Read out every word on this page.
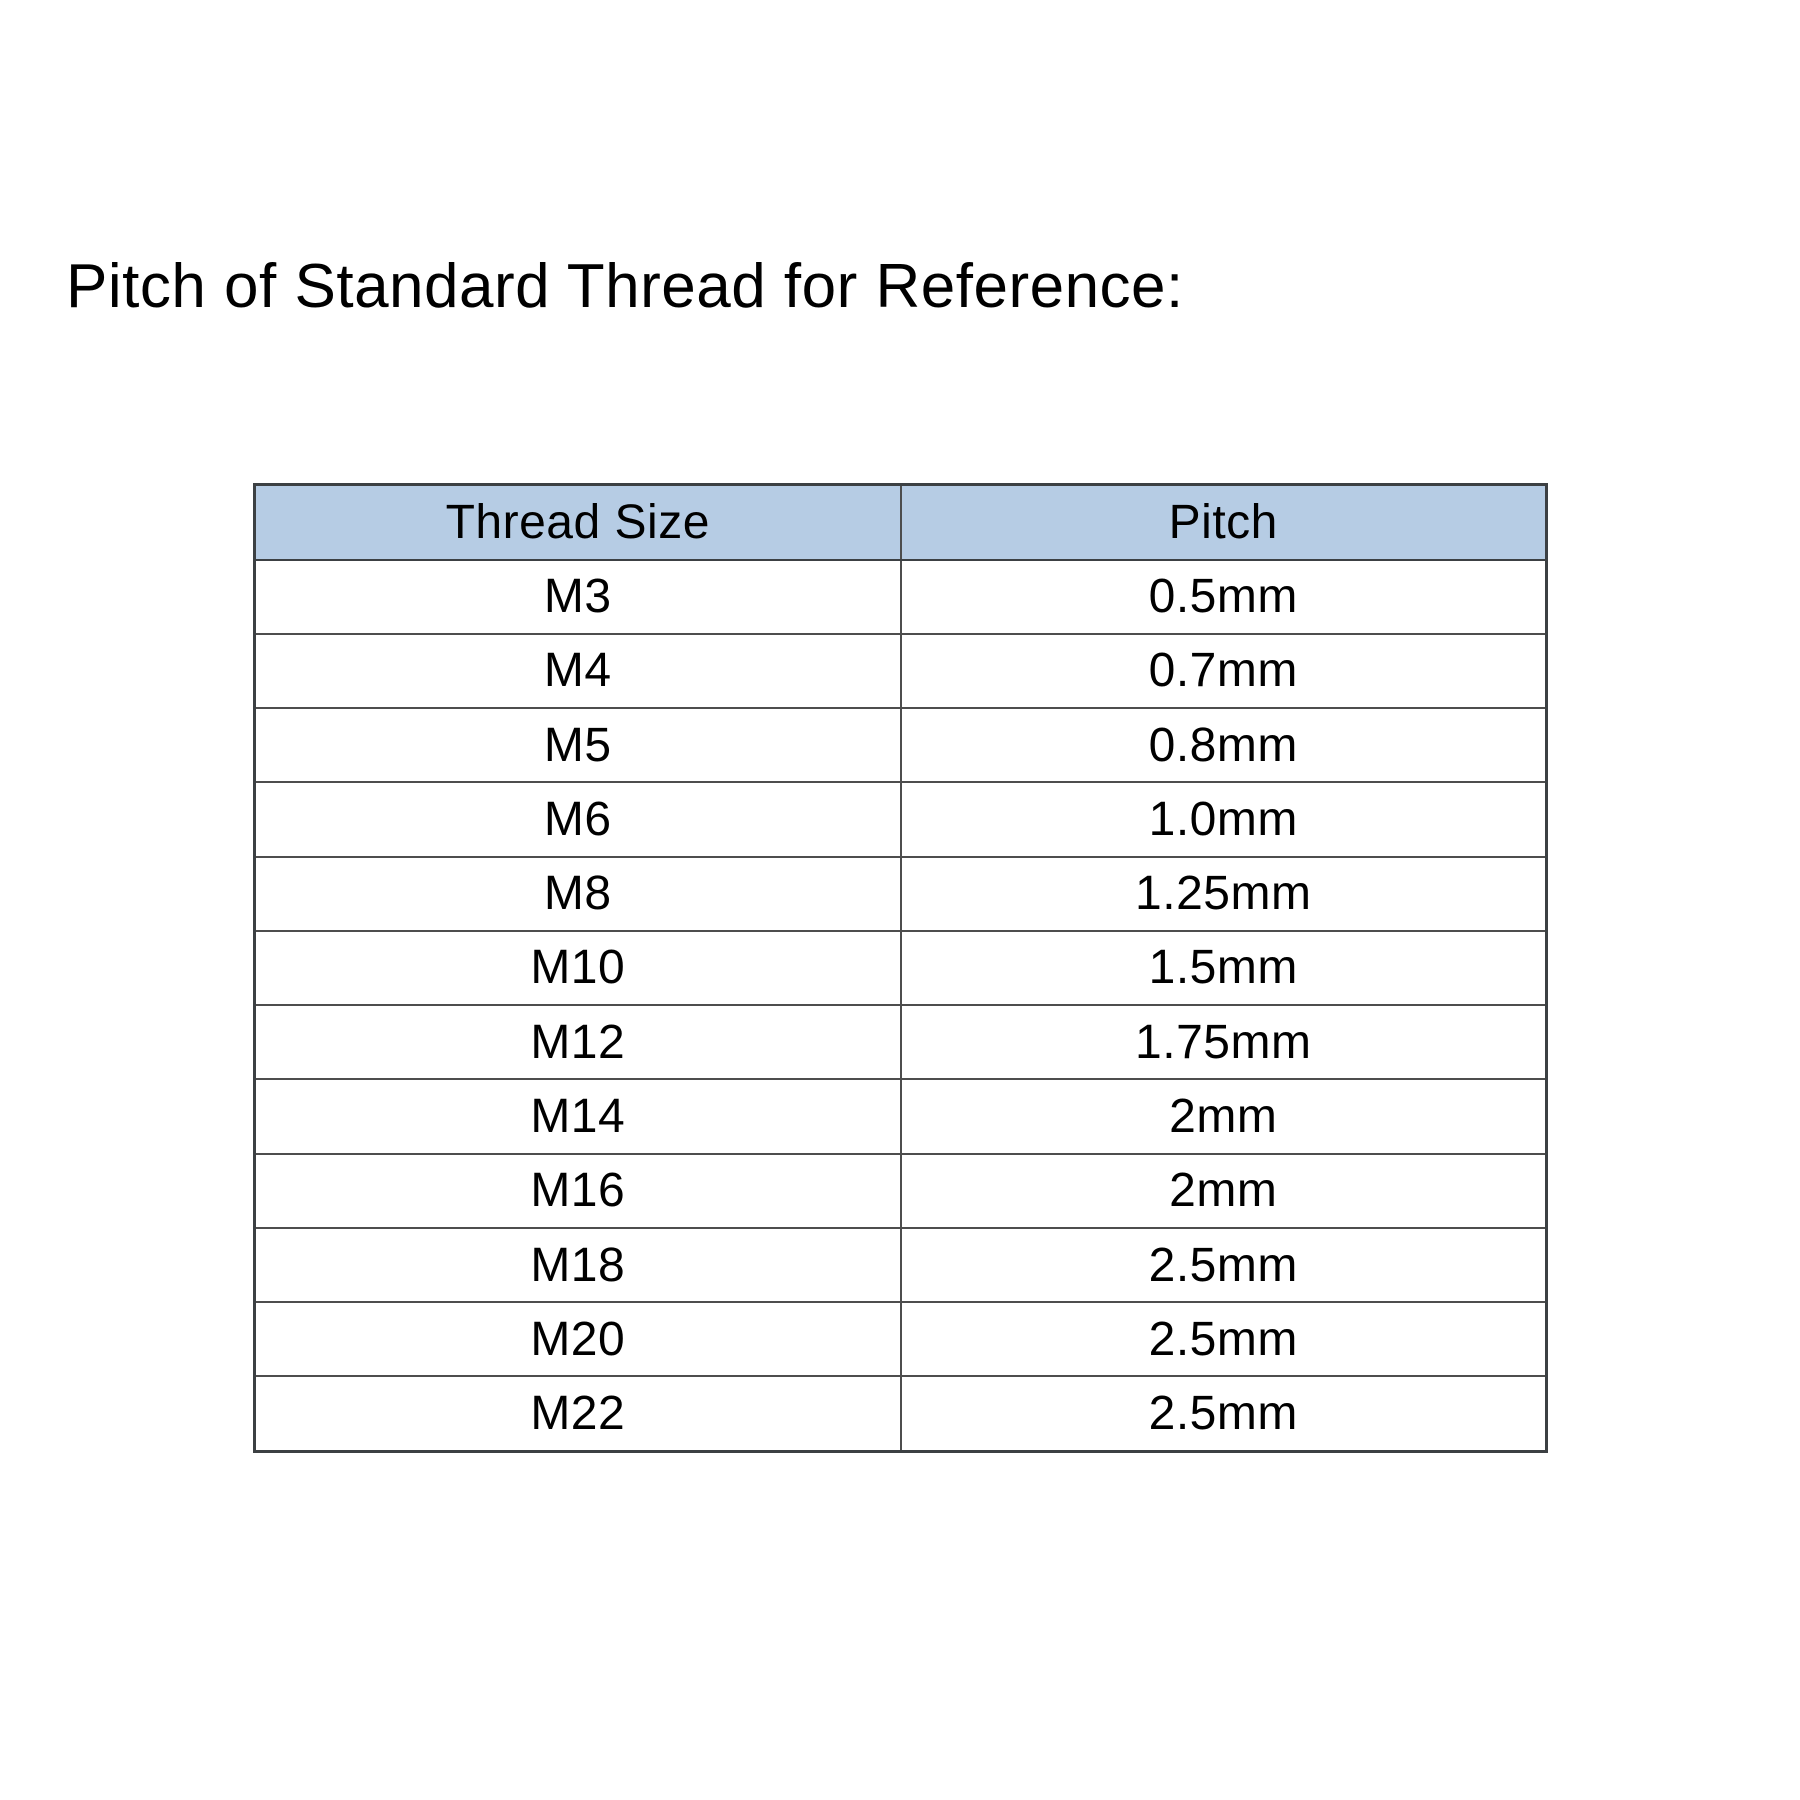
Pitch of Standard Thread for Reference:
Thread Size	Pitch
M3	0.5mm
M4	0.7mm
M5	0.8mm
M6	1.0mm
M8	1.25mm
M10	1.5mm
M12	1.75mm
M14	2mm
M16	2mm
M18	2.5mm
M20	2.5mm
M22	2.5mm
